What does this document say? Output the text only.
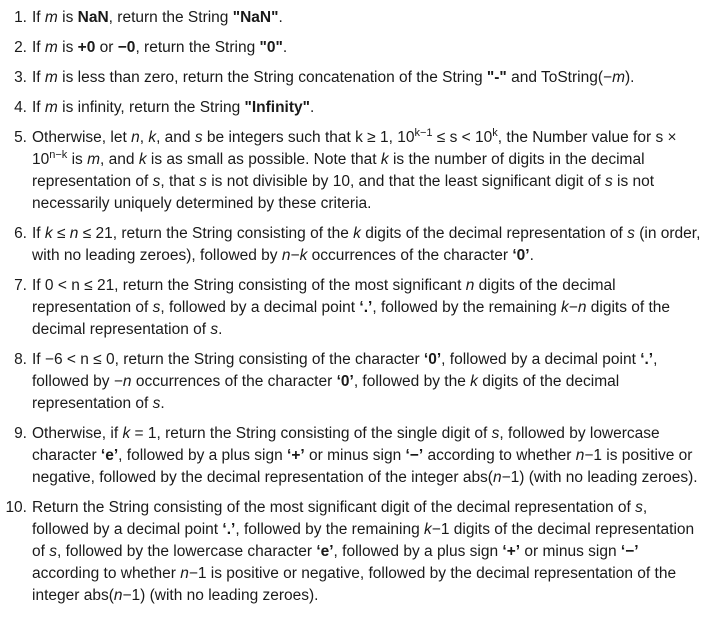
1. If m is NaN, return the String "NaN".
2. If m is +0 or −0, return the String "0".
3. If m is less than zero, return the String concatenation of the String "-" and ToString(−m).
4. If m is infinity, return the String "Infinity".
5. Otherwise, let n, k, and s be integers such that k ≥ 1, $10^{k-1} \le s < 10^k$, the Number value for $s \times 10^{n-k}$ is m, and k is as small as possible. Note that k is the number of digits in the decimal representation of s, that s is not divisible by 10, and that the least significant digit of s is not necessarily uniquely determined by these criteria.
6. If k ≤ n ≤ 21, return the String consisting of the k digits of the decimal representation of s (in order, with no leading zeroes), followed by n−k occurrences of the character ‘0’.
7. If 0 < n ≤ 21, return the String consisting of the most significant n digits of the decimal representation of s, followed by a decimal point ‘.’, followed by the remaining k−n digits of the decimal representation of s.
8. If −6 < n ≤ 0, return the String consisting of the character ‘0’, followed by a decimal point ‘.’, followed by −n occurrences of the character ‘0’, followed by the k digits of the decimal representation of s.
9. Otherwise, if k = 1, return the String consisting of the single digit of s, followed by lowercase character ‘e’, followed by a plus sign ‘+’ or minus sign ‘−’ according to whether n−1 is positive or negative, followed by the decimal representation of the integer abs(n−1) (with no leading zeroes).
10. Return the String consisting of the most significant digit of the decimal representation of s, followed by a decimal point ‘.’, followed by the remaining k−1 digits of the decimal representation of s, followed by the lowercase character ‘e’, followed by a plus sign ‘+’ or minus sign ‘−’ according to whether n−1 is positive or negative, followed by the decimal representation of the integer abs(n−1) (with no leading zeroes).
